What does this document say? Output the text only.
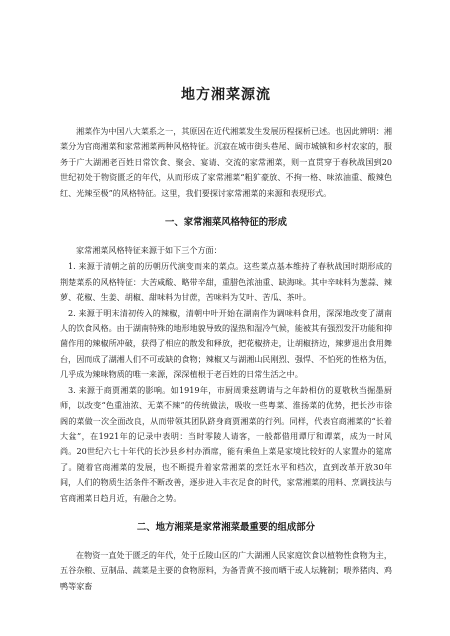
地方湘菜源流

湘菜作为中国八大菜系之一，其原因在近代湘菜发生发展历程探析已述。也因此辨明：湘菜分为官商湘菜和家常湘菜两种风格特征。沉寂在城市街头巷尾、阔市城镇和乡村农家的，服务于广大湖湘老百姓日常饮食、聚会、宴请、交流的家常湘菜，则一直贯穿于春秋战国到20世纪初处于物资匮乏的年代，从而形成了家常湘菜“粗犷豪放、不拘一格、味浓油重、酸辣色红、光辣至极”的风格特征。这里，我们要探讨家常湘菜的来源和表现形式。

一、家常湘菜风格特征的形成

家常湘菜风格特征来源于如下三个方面：

1. 来源于清朝之前的历朝历代演变而来的菜点。这些菜点基本维持了春秋战国时期形成的荆楚菜系的风格特征：大苦咸酸、略带辛甜，重腊色浓油重、缺海味。其中辛味料为葱蒜、辣萝、花椒、生姜、胡椒、甜味料为甘蔗，苦味料为艾叶、苦瓜、茶叶。

2. 来源于明末清初传入的辣椒，清朝中叶开始在湖南作为调味料食用，深深地改变了湖南人的饮食风格。由于湖南特殊的地形地貌导致的湿热和湿冷气候，能被其有强烈发汗功能和抑菌作用的辣椒所冲破，获得了相应的散发和释放，把花椒挤走，让胡椒挤边，辣萝退出食用舞台，因而成了湖湘人们不可或缺的食物；辣椒又与湖湘山民刚烈、强悍、不怕死的性格为伍，几乎成为辣味物质的唯一来源，深深植根于老百姓的日常生活之中。

3. 来源于商贾湘菜的影响。如1919年，市厨周秉兹聘请与之年龄相仿的夏敬秋当掘墨厨师，以改变“色重油浓、无菜不辣”的传统做法，吸收一些粤菜、淮扬菜的优势，把长沙市徐阁的菜做一次全面改良，从而带领其团队跻身商贾湘菜的行列。同样，代表官商湘菜的“长着大盆”，在1921年的记录中表明：当时零陵人请客，一般都借用谭厅和谭菜，成为一时风尚。20世纪六七十年代的长沙县乡村办酒席，能有乘鱼上菜是家境比较好的人家置办的筵席了。随着官商湘菜的发展，也不断提升着家常湘菜的烹饪水平和档次，直到改革开放30年间，人们的物质生活条件不断改善，逐步进入丰衣足食的时代，家常湘菜的用料、烹调技法与官商湘菜日趋月近，有融合之势。

二、地方湘菜是家常湘菜最重要的组成部分

在物资一直处于匮乏的年代，处于丘陵山区的广大湖湘人民家庭饮食以植物性食物为主，五谷杂粮、豆制品、蔬菜是主要的食物原料，为备青黄不接而晒干或人坛腌制；喂养猪肉、鸡鸭等家畜
